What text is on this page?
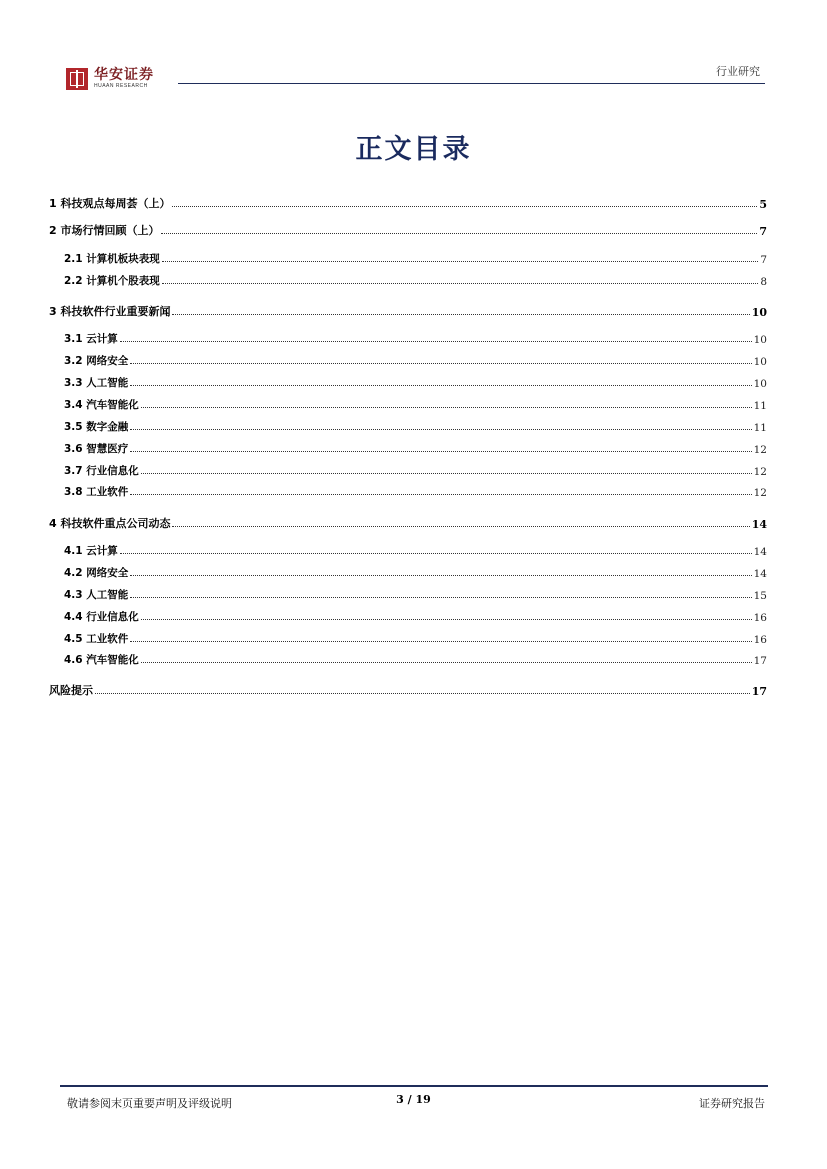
华安证券
HUAAN RESEARCH
行业研究
正文目录
1 科技观点每周荟（上）	5
2 市场行情回顾（上）	7
2.1 计算机板块表现	7
2.2 计算机个股表现	8
3 科技软件行业重要新闻	10
3.1 云计算	10
3.2 网络安全	10
3.3 人工智能	10
3.4 汽车智能化	11
3.5 数字金融	11
3.6 智慧医疗	12
3.7 行业信息化	12
3.8 工业软件	12
4 科技软件重点公司动态	14
4.1 云计算	14
4.2 网络安全	14
4.3 人工智能	15
4.4 行业信息化	16
4.5 工业软件	16
4.6 汽车智能化	17
风险提示	17
敬请参阅末页重要声明及评级说明	3 / 19	证券研究报告
